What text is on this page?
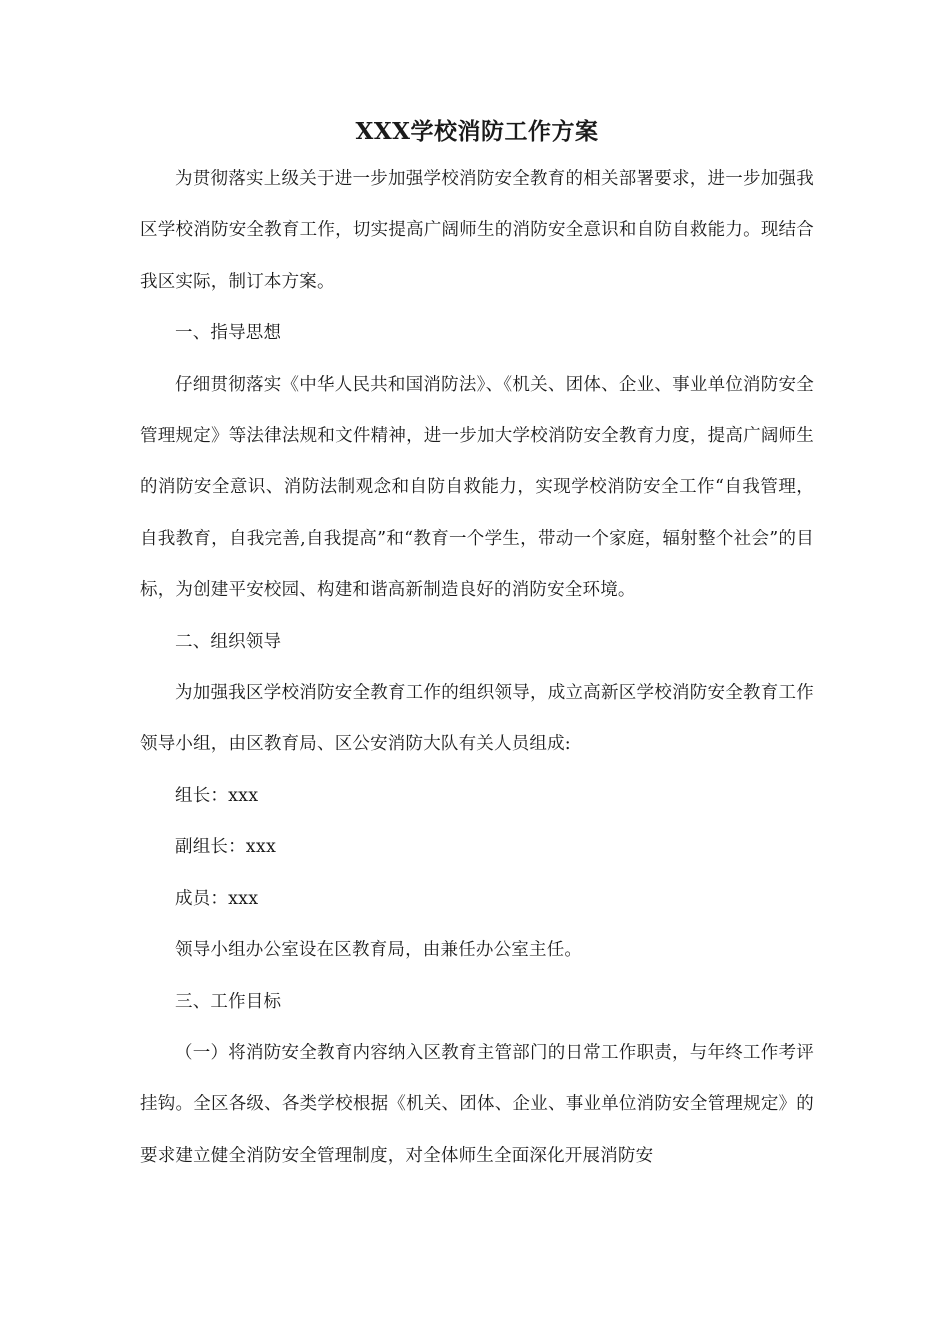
XXX学校消防工作方案

为贯彻落实上级关于进一步加强学校消防安全教育的相关部署要求，进一步加强我区学校消防安全教育工作，切实提高广阔师生的消防安全意识和自防自救能力。现结合我区实际，制订本方案。

一、指导思想

仔细贯彻落实《中华人民共和国消防法》、《机关、团体、企业、事业单位消防安全管理规定》等法律法规和文件精神，进一步加大学校消防安全教育力度，提高广阔师生的消防安全意识、消防法制观念和自防自救能力，实现学校消防安全工作“自我管理，自我教育，自我完善,自我提高”和“教育一个学生，带动一个家庭，辐射整个社会”的目标，为创建平安校园、构建和谐高新制造良好的消防安全环境。

二、组织领导

为加强我区学校消防安全教育工作的组织领导，成立高新区学校消防安全教育工作领导小组，由区教育局、区公安消防大队有关人员组成:

组长：xxx

副组长：xxx

成员：xxx

领导小组办公室设在区教育局，由兼任办公室主任。

三、工作目标

（一）将消防安全教育内容纳入区教育主管部门的日常工作职责，与年终工作考评挂钩。全区各级、各类学校根据《机关、团体、企业、事业单位消防安全管理规定》的要求建立健全消防安全管理制度，对全体师生全面深化开展消防安
